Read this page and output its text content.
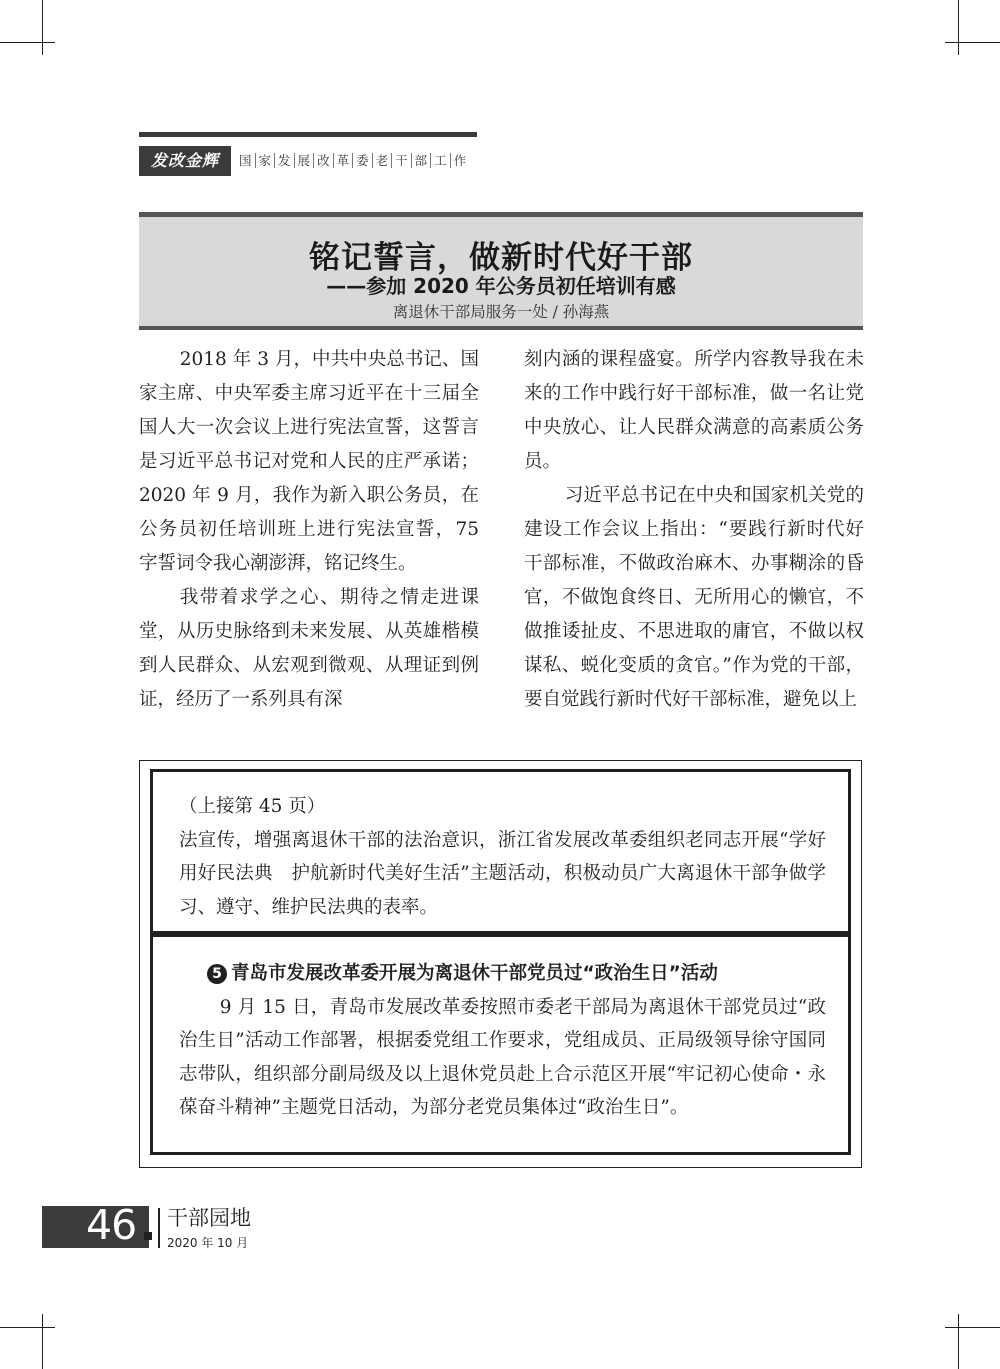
发改金辉	国 家 发 展 改 革 委 老 干 部 工 作
铭记誓言，做新时代好干部
——参加 2020 年公务员初任培训有感
离退休干部局服务一处 / 孙海燕

2018 年 3 月，中共中央总书记、国家主席、中央军委主席习近平在十三届全国人大一次会议上进行宪法宣誓，这誓言是习近平总书记对党和人民的庄严承诺；2020 年 9 月，我作为新入职公务员，在公务员初任培训班上进行宪法宣誓，75 字誓词令我心潮澎湃，铭记终生。

我带着求学之心、期待之情走进课堂，从历史脉络到未来发展、从英雄楷模到人民群众、从宏观到微观、从理证到例证，经历了一系列具有深

刻内涵的课程盛宴。所学内容教导我在未来的工作中践行好干部标准，做一名让党中央放心、让人民群众满意的高素质公务员。

习近平总书记在中央和国家机关党的建设工作会议上指出：“要践行新时代好干部标准，不做政治麻木、办事糊涂的昏官，不做饱食终日、无所用心的懒官，不做推诿扯皮、不思进取的庸官，不做以权谋私、蜕化变质的贪官。”作为党的干部，要自觉践行新时代好干部标准，避免以上

（上接第 45 页）

法宣传，增强离退休干部的法治意识，浙江省发展改革委组织老同志开展“学好用好民法典　护航新时代美好生活”主题活动，积极动员广大离退休干部争做学习、遵守、维护民法典的表率。

5 青岛市发展改革委开展为离退休干部党员过“政治生日”活动

9 月 15 日，青岛市发展改革委按照市委老干部局为离退休干部党员过“政治生日”活动工作部署，根据委党组工作要求，党组成员、正局级领导徐守国同志带队，组织部分副局级及以上退休党员赴上合示范区开展“牢记初心使命・永葆奋斗精神”主题党日活动，为部分老党员集体过“政治生日”。

46 干部园地
2020 年 10 月
